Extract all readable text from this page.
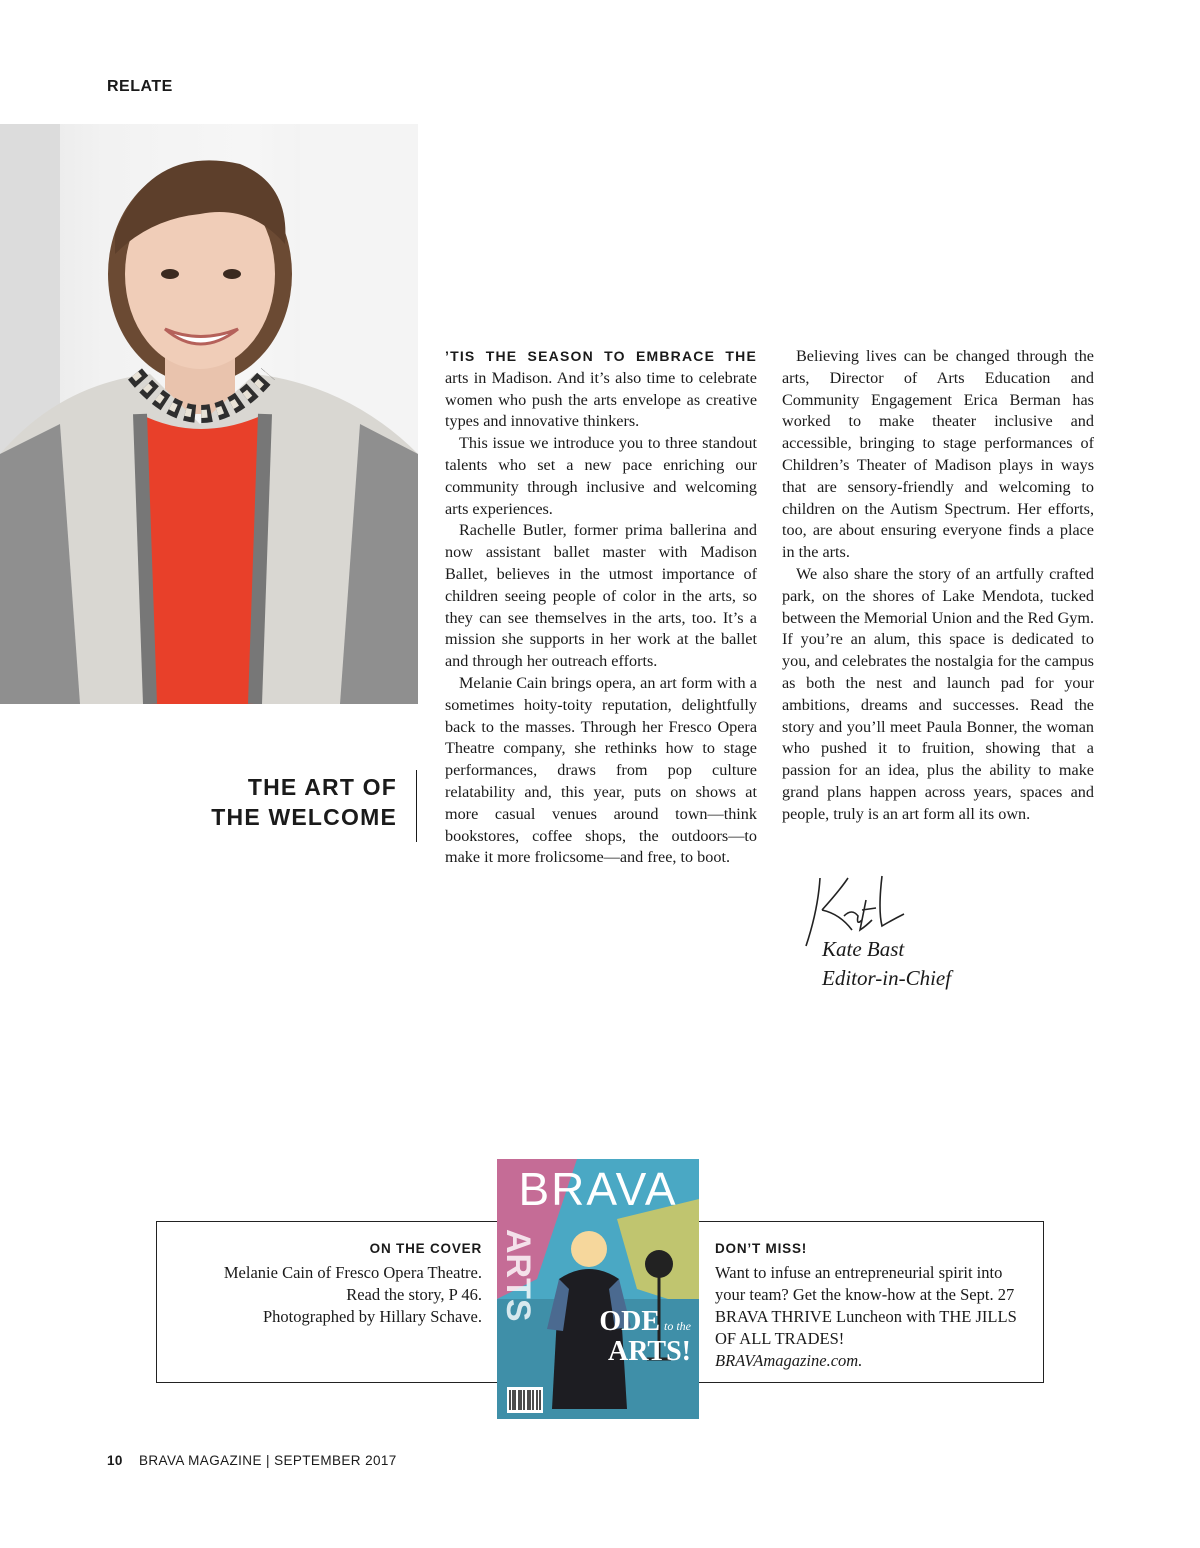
RELATE
THE ART OF
THE WELCOME

’TIS THE SEASON TO EMBRACE THE arts in Madison. And it’s also time to celebrate women who push the arts envelope as creative types and innovative thinkers.

This issue we introduce you to three standout talents who set a new pace enriching our community through inclusive and welcoming arts experiences.

Rachelle Butler, former prima ballerina and now assistant ballet master with Madison Ballet, believes in the utmost importance of children seeing people of color in the arts, so they can see themselves in the arts, too. It’s a mission she supports in her work at the ballet and through her outreach efforts.

Melanie Cain brings opera, an art form with a sometimes hoity-toity reputation, delightfully back to the masses. Through her Fresco Opera Theatre company, she rethinks how to stage performances, draws from pop culture relatability and, this year, puts on shows at more casual venues around town—think bookstores, coffee shops, the outdoors—to make it more frolicsome—and free, to boot.

Believing lives can be changed through the arts, Director of Arts Education and Community Engagement Erica Berman has worked to make theater inclusive and accessible, bringing to stage performances of Children’s Theater of Madison plays in ways that are sensory-friendly and welcoming to children on the Autism Spectrum. Her efforts, too, are about ensuring everyone finds a place in the arts.

We also share the story of an artfully crafted park, on the shores of Lake Mendota, tucked between the Memorial Union and the Red Gym. If you’re an alum, this space is dedicated to you, and celebrates the nostalgia for the campus as both the nest and launch pad for your ambitions, dreams and successes. Read the story and you’ll meet Paula Bonner, the woman who pushed it to fruition, showing that a passion for an idea, plus the ability to make grand plans happen across years, spaces and people, truly is an art form all its own.

Kate Bast
Editor-in-Chief
ON THE COVER
Melanie Cain of Fresco Opera Theatre.
Read the story, P 46.
Photographed by Hillary Schave.
DON’T MISS!
Want to infuse an entrepreneurial spirit into your team? Get the know-how at the Sept. 27 BRAVA THRIVE Luncheon with THE JILLS OF ALL TRADES!
BRAVAmagazine.com.
BRAVA
ARTS ODE to the
ARTS!
10 BRAVA MAGAZINE | SEPTEMBER 2017
